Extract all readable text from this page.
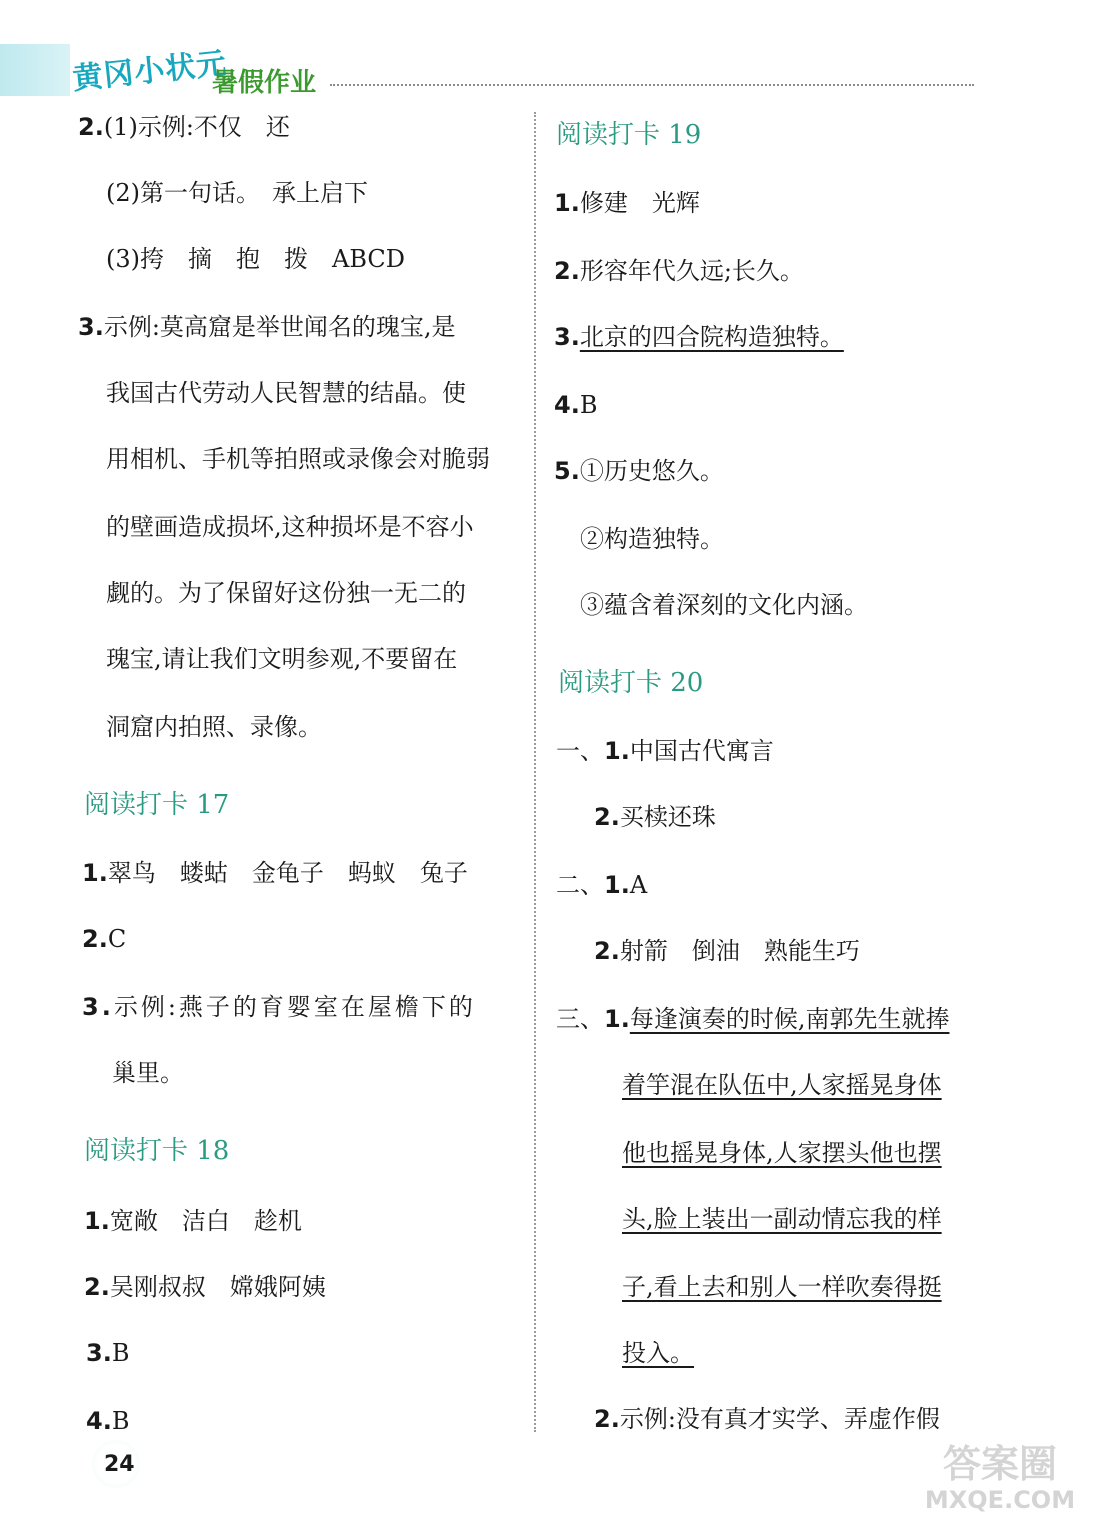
黄冈小状元
暑假作业
2.(1)示例:不仅　还
(2)第一句话。　承上启下
(3)挎　摘　抱　拨　ABCD
3.示例:莫高窟是举世闻名的瑰宝,是
我国古代劳动人民智慧的结晶。使
用相机、手机等拍照或录像会对脆弱
的壁画造成损坏,这种损坏是不容小
觑的。为了保留好这份独一无二的
瑰宝,请让我们文明参观,不要留在
洞窟内拍照、录像。
阅读打卡 17
1.翠鸟　蝼蛄　金龟子　蚂蚁　兔子
2.C
3.示例:燕子的育婴室在屋檐下的
巢里。
阅读打卡 18
1.宽敞　洁白　趁机
2.吴刚叔叔　嫦娥阿姨
3.B
4.B
阅读打卡 19
1.修建　光辉
2.形容年代久远;长久。
3.北京的四合院构造独特。
4.B
5.①历史悠久。
②构造独特。
③蕴含着深刻的文化内涵。
阅读打卡 20
一、1.中国古代寓言
2.买椟还珠
二、1.A
2.射箭　倒油　熟能生巧
三、1.每逢演奏的时候,南郭先生就捧
着竽混在队伍中,人家摇晃身体
他也摇晃身体,人家摆头他也摆
头,脸上装出一副动情忘我的样
子,看上去和别人一样吹奏得挺
投入。
2.示例:没有真才实学、弄虚作假
24	答案圈
MXQE.COM
